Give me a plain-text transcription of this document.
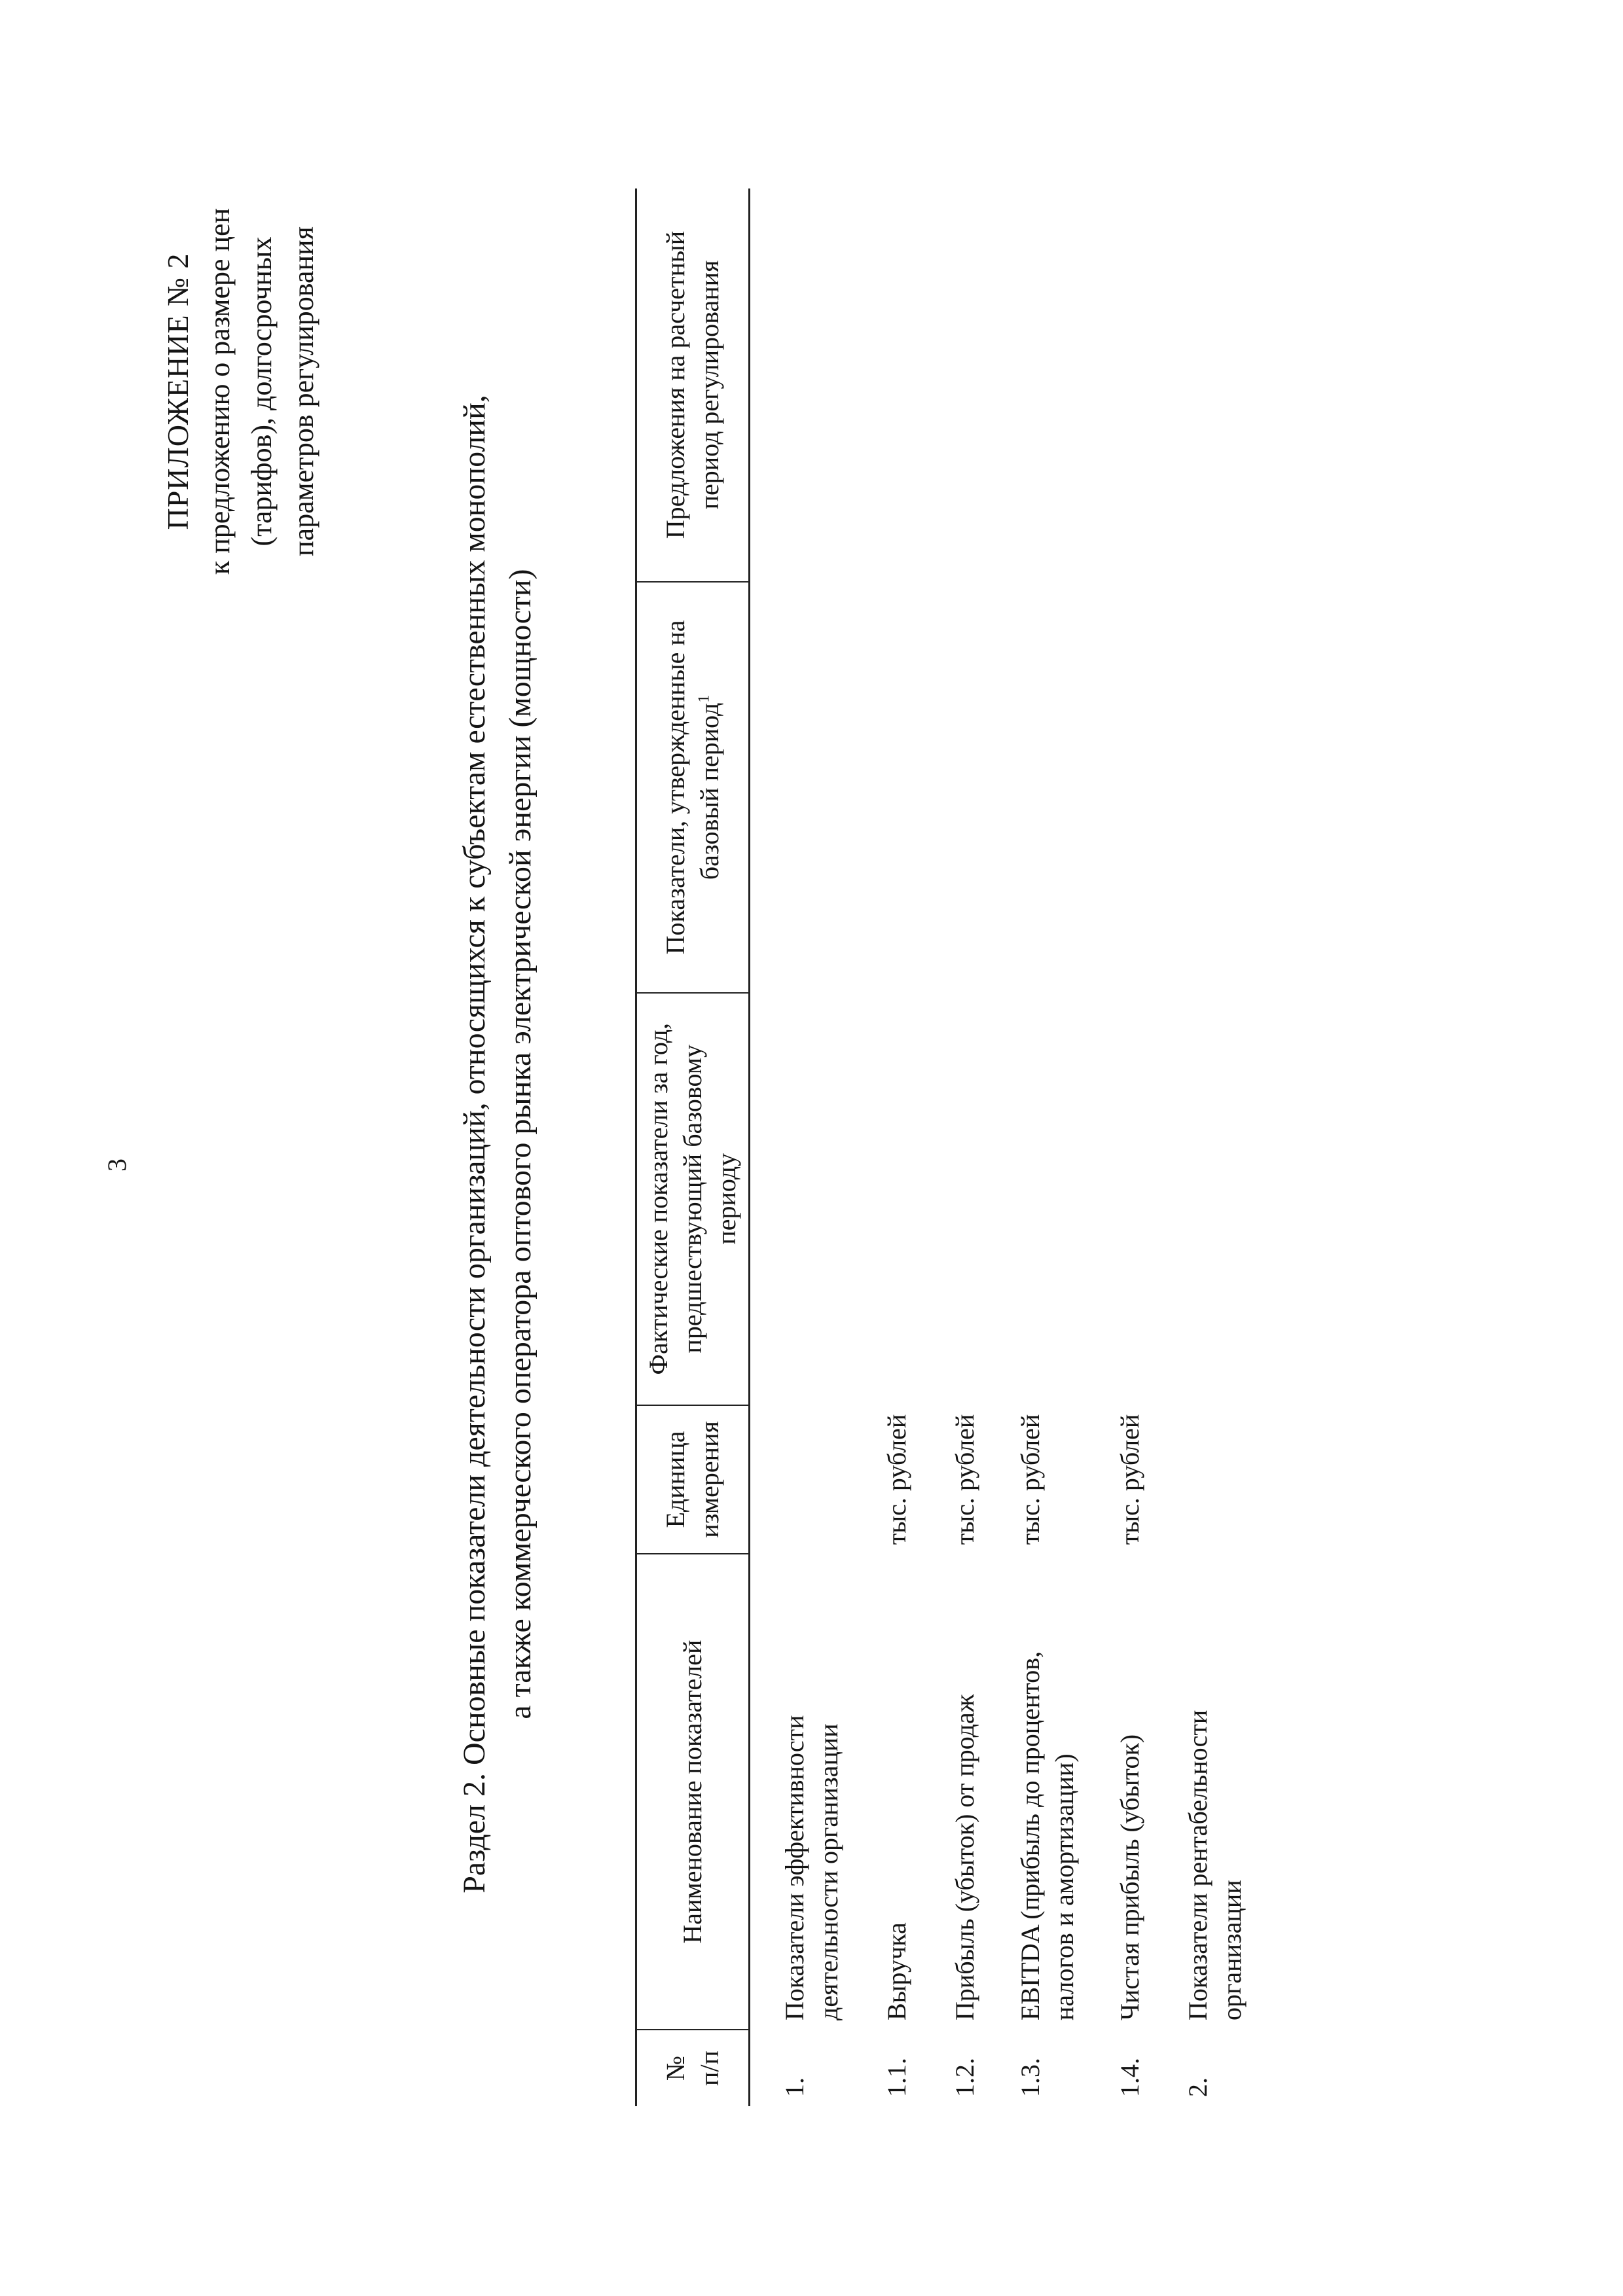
3
ПРИЛОЖЕНИЕ № 2 к предложению о размере цен (тарифов), долгосрочных параметров регулирования
Раздел 2. Основные показатели деятельности организаций, относящихся к субъектам естественных монополий, а также коммерческого оператора оптового рынка электрической энергии (мощности)
№ п/п	Наименование показателей	Единица измерения	Фактические показатели за год, предшествующий базовому периоду	Показатели, утвержденные на базовый период$^1$	Предложения на расчетный период регулирования
1.	Показатели эффективности деятельности организации				
1.1.	Выручка	тыс. рублей			
1.2.	Прибыль (убыток) от продаж	тыс. рублей			
1.3.	EBITDA (прибыль до процентов, налогов и амортизации)	тыс. рублей			
1.4.	Чистая прибыль (убыток)	тыс. рублей			
2.	Показатели рентабельности организации				
